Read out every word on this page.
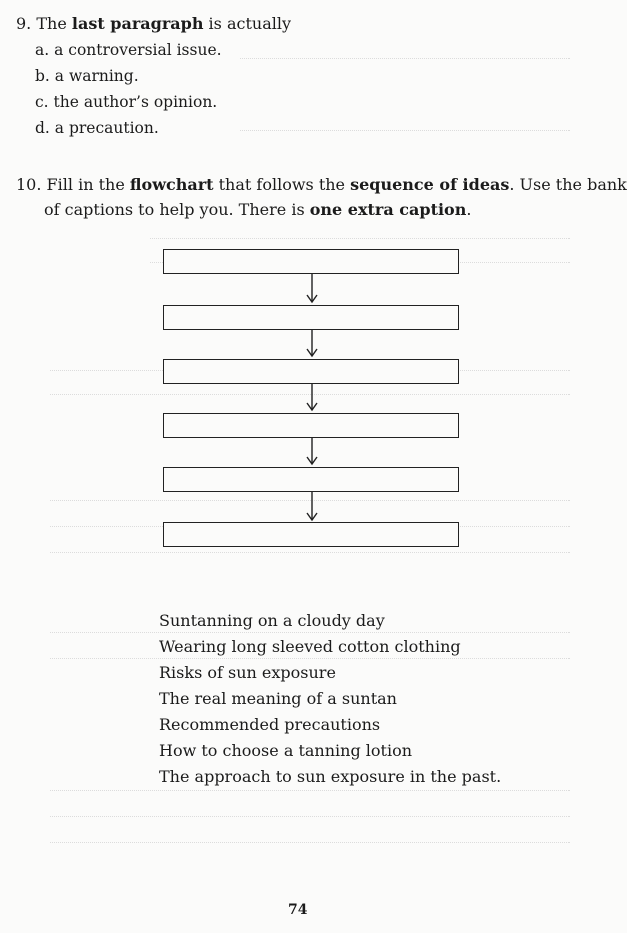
9. The last paragraph is actually
a. a controversial issue.
b. a warning.
c. the author’s opinion.
d. a precaution.
10. Fill in the flowchart that follows the sequence of ideas. Use the bank
of captions to help you. There is one extra caption.
Suntanning on a cloudy day
Wearing long sleeved cotton clothing
Risks of sun exposure
The real meaning of a suntan
Recommended precautions
How to choose a tanning lotion
The approach to sun exposure in the past.
74
